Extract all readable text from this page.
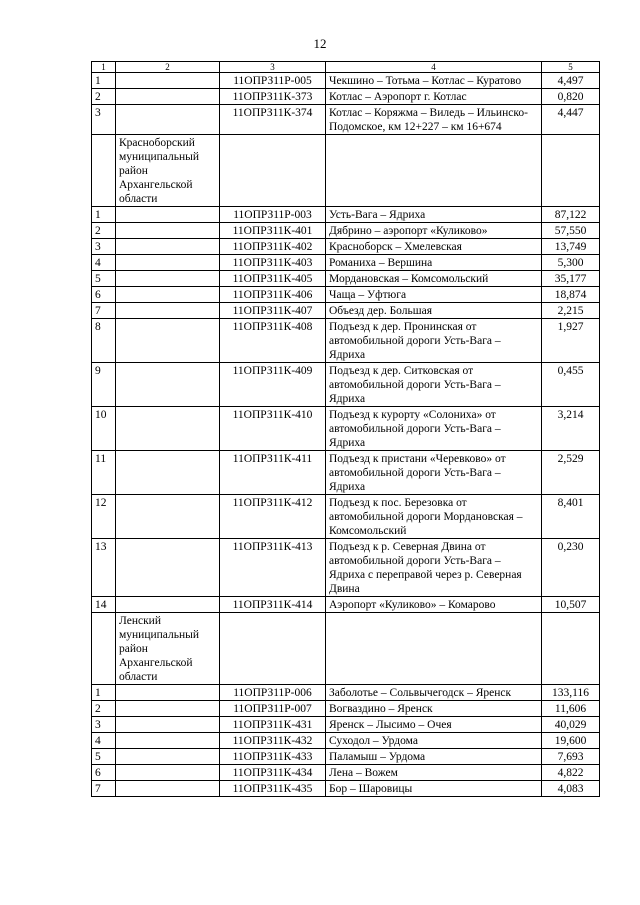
12
1	2	3	4	5
1		11ОПРЗ11Р-005	Чекшино – Тотьма – Котлас – Куратово	4,497
2		11ОПРЗ11К-373	Котлас – Аэропорт г. Котлас	0,820
3		11ОПРЗ11К-374	Котлас – Коряжма – Виледь – Ильинско-Подомское, км 12+227 – км 16+674	4,447
	Красноборский муниципальный район Архангельской области			
1		11ОПРЗ11Р-003	Усть-Вага – Ядриха	87,122
2		11ОПРЗ11К-401	Дябрино – аэропорт «Куликово»	57,550
3		11ОПРЗ11К-402	Красноборск – Хмелевская	13,749
4		11ОПРЗ11К-403	Романиха – Вершина	5,300
5		11ОПРЗ11К-405	Мордановская – Комсомольский	35,177
6		11ОПРЗ11К-406	Чаща – Уфтюга	18,874
7		11ОПРЗ11К-407	Объезд дер. Большая	2,215
8		11ОПРЗ11К-408	Подъезд к дер. Пронинская от автомобильной дороги Усть-Вага – Ядриха	1,927
9		11ОПРЗ11К-409	Подъезд к дер. Ситковская от автомобильной дороги Усть-Вага – Ядриха	0,455
10		11ОПРЗ11К-410	Подъезд к курорту «Солониха» от автомобильной дороги Усть-Вага – Ядриха	3,214
11		11ОПРЗ11К-411	Подъезд к пристани «Черевково» от автомобильной дороги Усть-Вага – Ядриха	2,529
12		11ОПРЗ11К-412	Подъезд к пос. Березовка от автомобильной дороги Мордановская – Комсомольский	8,401
13		11ОПРЗ11К-413	Подъезд к р. Северная Двина от автомобильной дороги Усть-Вага – Ядриха с переправой через р. Северная Двина	0,230
14		11ОПРЗ11К-414	Аэропорт «Куликово» – Комарово	10,507
	Ленский муниципальный район Архангельской области			
1		11ОПРЗ11Р-006	Заболотье – Сольвычегодск – Яренск	133,116
2		11ОПРЗ11Р-007	Вогваздино – Яренск	11,606
3		11ОПРЗ11К-431	Яренск – Лысимо – Очея	40,029
4		11ОПРЗ11К-432	Суходол – Урдома	19,600
5		11ОПРЗ11К-433	Паламыш – Урдома	7,693
6		11ОПРЗ11К-434	Лена – Вожем	4,822
7		11ОПРЗ11К-435	Бор – Шаровицы	4,083
